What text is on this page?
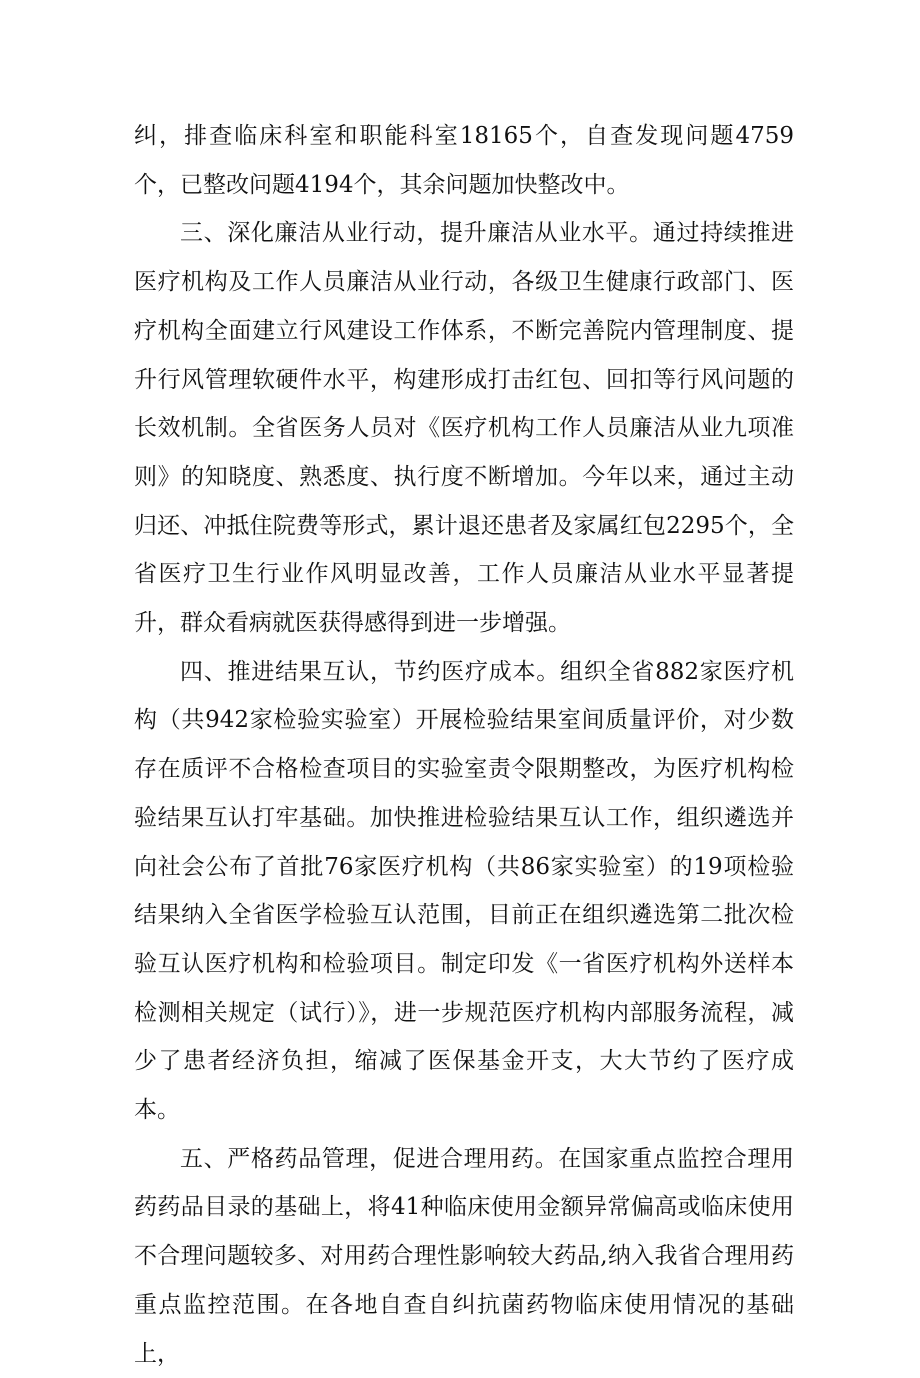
纠，排查临床科室和职能科室18165个，自查发现问题4759个，已整改问题4194个，其余问题加快整改中。

三、深化廉洁从业行动，提升廉洁从业水平。通过持续推进医疗机构及工作人员廉洁从业行动，各级卫生健康行政部门、医疗机构全面建立行风建设工作体系，不断完善院内管理制度、提升行风管理软硬件水平，构建形成打击红包、回扣等行风问题的长效机制。全省医务人员对《医疗机构工作人员廉洁从业九项准则》的知晓度、熟悉度、执行度不断增加。今年以来，通过主动归还、冲抵住院费等形式，累计退还患者及家属红包2295个，全省医疗卫生行业作风明显改善，工作人员廉洁从业水平显著提升，群众看病就医获得感得到进一步增强。

四、推进结果互认，节约医疗成本。组织全省882家医疗机构（共942家检验实验室）开展检验结果室间质量评价，对少数存在质评不合格检查项目的实验室责令限期整改，为医疗机构检验结果互认打牢基础。加快推进检验结果互认工作，组织遴选并向社会公布了首批76家医疗机构（共86家实验室）的19项检验结果纳入全省医学检验互认范围，目前正在组织遴选第二批次检验互认医疗机构和检验项目。制定印发《一省医疗机构外送样本检测相关规定（试行）》，进一步规范医疗机构内部服务流程，减少了患者经济负担，缩减了医保基金开支，大大节约了医疗成本。

五、严格药品管理，促进合理用药。在国家重点监控合理用药药品目录的基础上，将41种临床使用金额异常偏高或临床使用不合理问题较多、对用药合理性影响较大药品,纳入我省合理用药重点监控范围。在各地自查自纠抗菌药物临床使用情况的基础上，
